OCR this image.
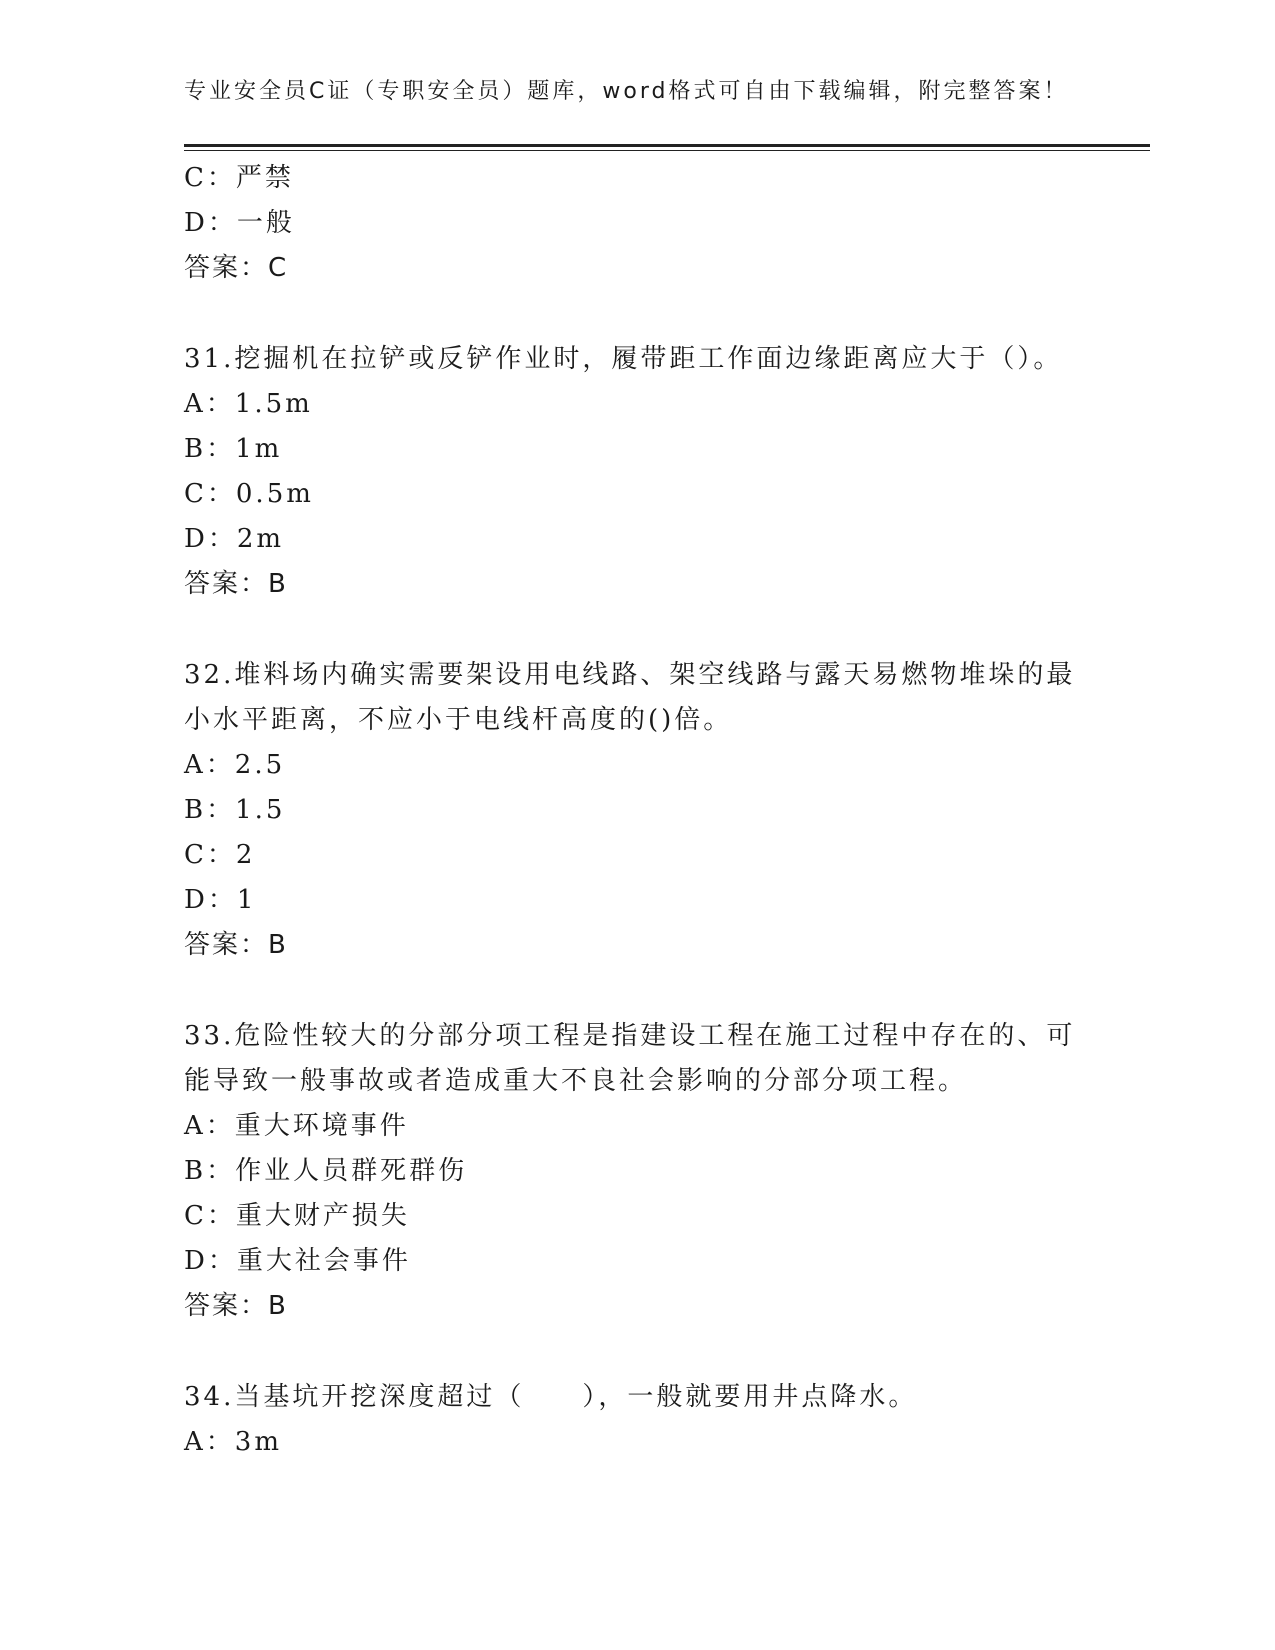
专业安全员C证（专职安全员）题库，word格式可自由下载编辑，附完整答案！
C：严禁
D：一般
答案：C
31.挖掘机在拉铲或反铲作业时，履带距工作面边缘距离应大于（）。
A：1.5m
B：1m
C：0.5m
D：2m
答案：B
32.堆料场内确实需要架设用电线路、架空线路与露天易燃物堆垛的最
小水平距离，不应小于电线杆高度的()倍。
A：2.5
B：1.5
C：2
D：1
答案：B
33.危险性较大的分部分项工程是指建设工程在施工过程中存在的、可
能导致一般事故或者造成重大不良社会影响的分部分项工程。
A：重大环境事件
B：作业人员群死群伤
C：重大财产损失
D：重大社会事件
答案：B
34.当基坑开挖深度超过（　　），一般就要用井点降水。
A：3m
